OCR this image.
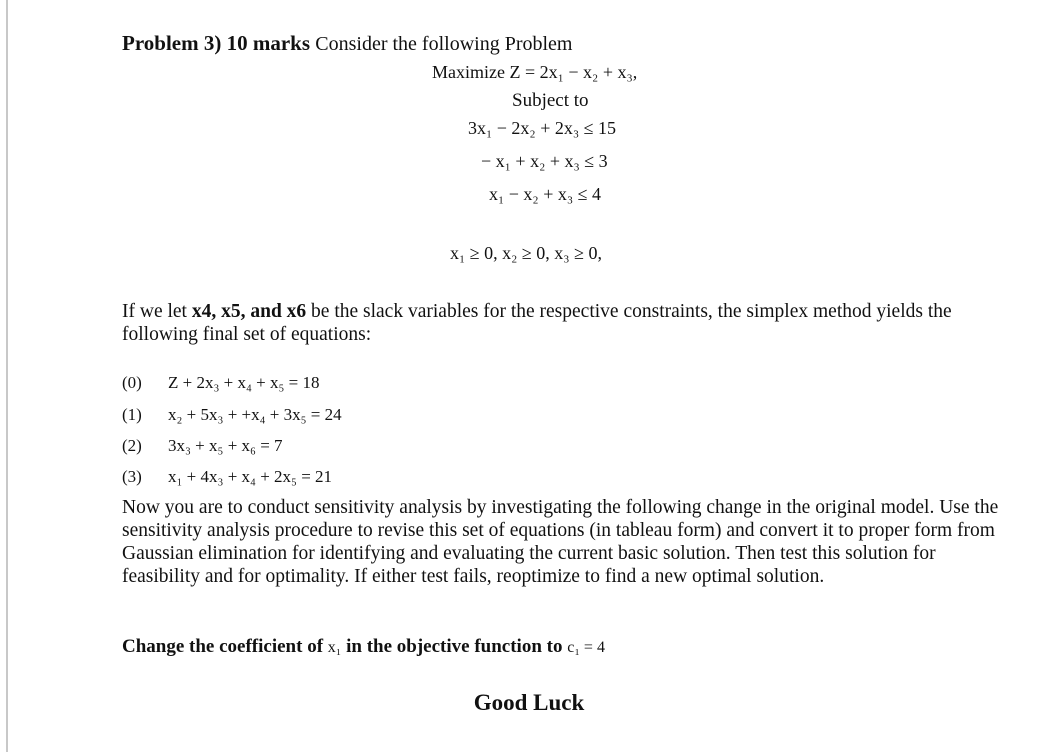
Problem 3) 10 marks Consider the following Problem
Maximize Z = 2x₁ − x₂ + x₃,
Subject to
3x₁ − 2x₂ + 2x₃ ≤ 15
− x₁ + x₂ + x₃ ≤ 3
x₁ − x₂ + x₃ ≤ 4
x₁ ≥ 0, x₂ ≥ 0, x₃ ≥ 0,
If we let x4, x5, and x6 be the slack variables for the respective constraints, the simplex method yields the following final set of equations:
(0) Z + 2x₃ + x₄ + x₅ = 18
(1) x₂ + 5x₃ + +x₄ + 3x₅ = 24
(2) 3x₃ + x₅ + x₆ = 7
(3) x₁ + 4x₃ + x₄ + 2x₅ = 21
Now you are to conduct sensitivity analysis by investigating the following change in the original model. Use the sensitivity analysis procedure to revise this set of equations (in tableau form) and convert it to proper form from Gaussian elimination for identifying and evaluating the current basic solution. Then test this solution for feasibility and for optimality. If either test fails, reoptimize to find a new optimal solution.
Change the coefficient of x₁ in the objective function to c₁ = 4
Good Luck
